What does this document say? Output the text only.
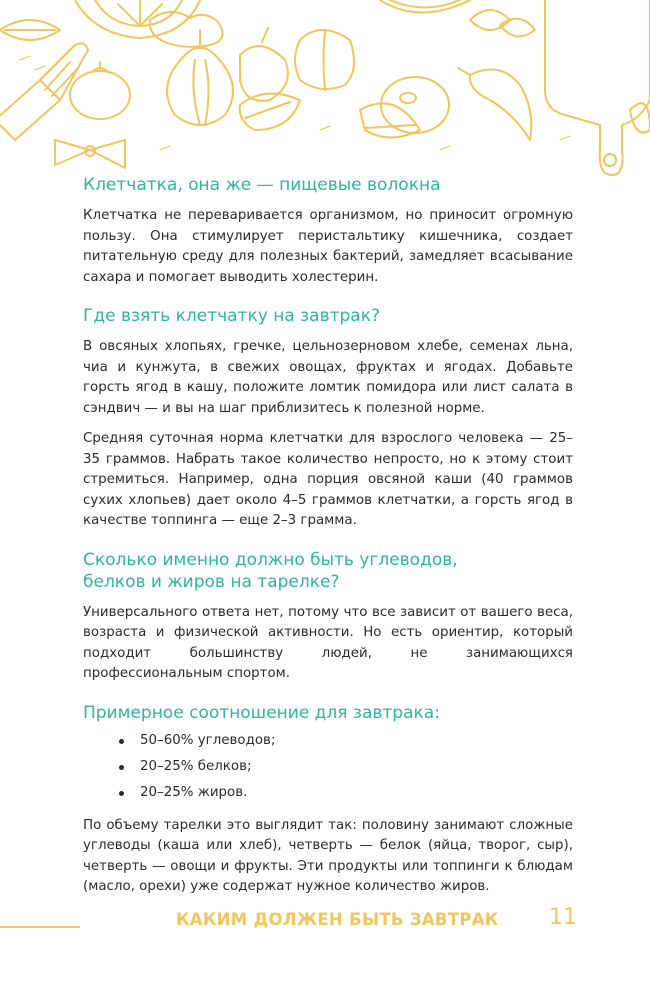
Клетчатка, она же — пищевые волокна

Клетчатка не переваривается организмом, но приносит огромную пользу. Она стимулирует перистальтику кишечника, создает питательную среду для полезных бактерий, замедляет всасывание сахара и помогает выводить холестерин.

Где взять клетчатку на завтрак?

В овсяных хлопьях, гречке, цельнозерновом хлебе, семенах льна, чиа и кунжута, в свежих овощах, фруктах и ягодах. Добавьте горсть ягод в кашу, положите ломтик помидора или лист салата в сэндвич — и вы на шаг приблизитесь к полезной норме.

Средняя суточная норма клетчатки для взрослого человека — 25–35 граммов. Набрать такое количество непросто, но к этому стоит стремиться. Например, одна порция овсяной каши (40 граммов сухих хлопьев) дает около 4–5 граммов клетчатки, а горсть ягод в качестве топпинга — еще 2–3 грамма.

Сколько именно должно быть углеводов,
белков и жиров на тарелке?

Универсального ответа нет, потому что все зависит от вашего веса, возраста и физической активности. Но есть ориентир, который подходит большинству людей, не занимающихся профессиональным спортом.

Примерное соотношение для завтрака:
50–60% углеводов;
20–25% белков;
20–25% жиров.

По объему тарелки это выглядит так: половину занимают сложные углеводы (каша или хлеб), четверть — белок (яйца, творог, сыр), четверть — овощи и фрукты. Эти продукты или топпинги к блюдам (масло, орехи) уже содержат нужное количество жиров.

КАКИМ ДОЛЖЕН БЫТЬ ЗАВТРАК 11
